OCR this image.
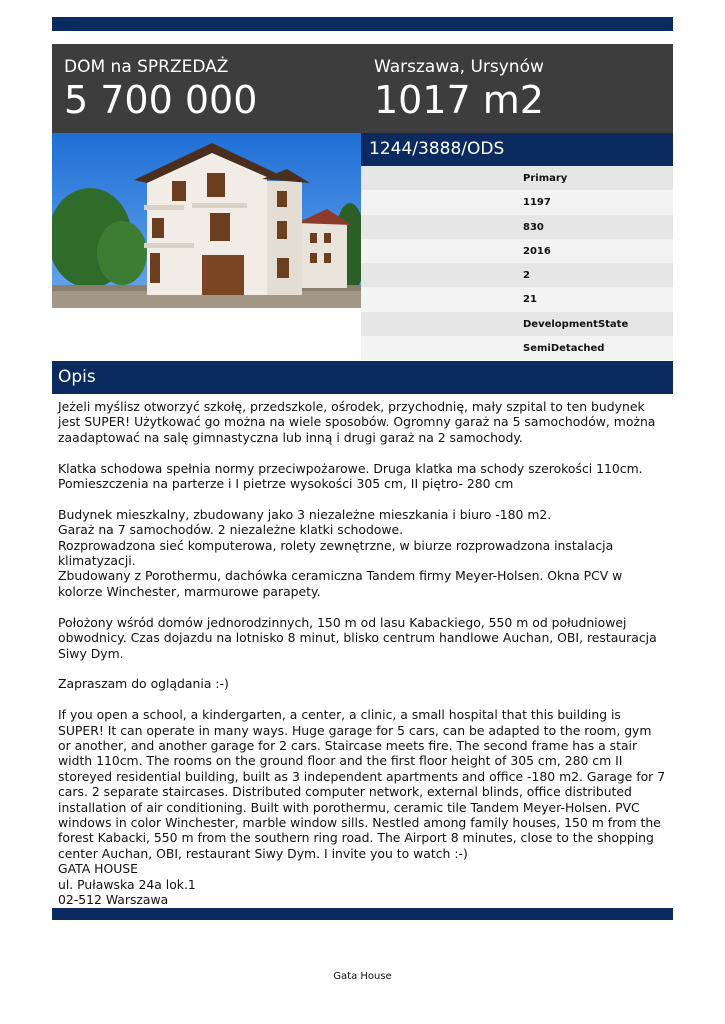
DOM na SPRZEDAŻ
5 700 000
Warszawa, Ursynów
1017 m2
1244/3888/ODS
Primary
1197
830
2016
2
21
DevelopmentState
SemiDetached
Opis

Jeżeli myślisz otworzyć szkołę, przedszkole, ośrodek, przychodnię, mały szpital to ten budynek jest SUPER! Użytkować go można na wiele sposobów. Ogromny garaż na 5 samochodów, można zaadaptować na salę gimnastyczna lub inną i drugi garaż na 2 samochody.

Klatka schodowa spełnia normy przeciwpożarowe. Druga klatka ma schody szerokości 110cm. Pomieszczenia na parterze i I pietrze wysokości 305 cm, II piętro- 280 cm

Budynek mieszkalny, zbudowany jako 3 niezależne mieszkania i biuro -180 m2.
Garaż na 7 samochodów. 2 niezależne klatki schodowe.
Rozprowadzona sieć komputerowa, rolety zewnętrzne, w biurze rozprowadzona instalacja klimatyzacji.
Zbudowany z Porothermu, dachówka ceramiczna Tandem firmy Meyer-Holsen. Okna PCV w kolorze Winchester, marmurowe parapety.

Położony wśród domów jednorodzinnych, 150 m od lasu Kabackiego, 550 m od południowej obwodnicy. Czas dojazdu na lotnisko 8 minut, blisko centrum handlowe Auchan, OBI, restauracja Siwy Dym.

Zapraszam do oglądania :-)

If you open a school, a kindergarten, a center, a clinic, a small hospital that this building is SUPER! It can operate in many ways. Huge garage for 5 cars, can be adapted to the room, gym or another, and another garage for 2 cars. Staircase meets fire. The second frame has a stair width 110cm. The rooms on the ground floor and the first floor height of 305 cm, 280 cm II storeyed residential building, built as 3 independent apartments and office -180 m2. Garage for 7 cars. 2 separate staircases. Distributed computer network, external blinds, office distributed installation of air conditioning. Built with porothermu, ceramic tile Tandem Meyer-Holsen. PVC windows in color Winchester, marble window sills. Nestled among family houses, 150 m from the forest Kabacki, 550 m from the southern ring road. The Airport 8 minutes, close to the shopping center Auchan, OBI, restaurant Siwy Dym. I invite you to watch :-)
GATA HOUSE
ul. Puławska 24a lok.1
02-512 Warszawa

Gata House
